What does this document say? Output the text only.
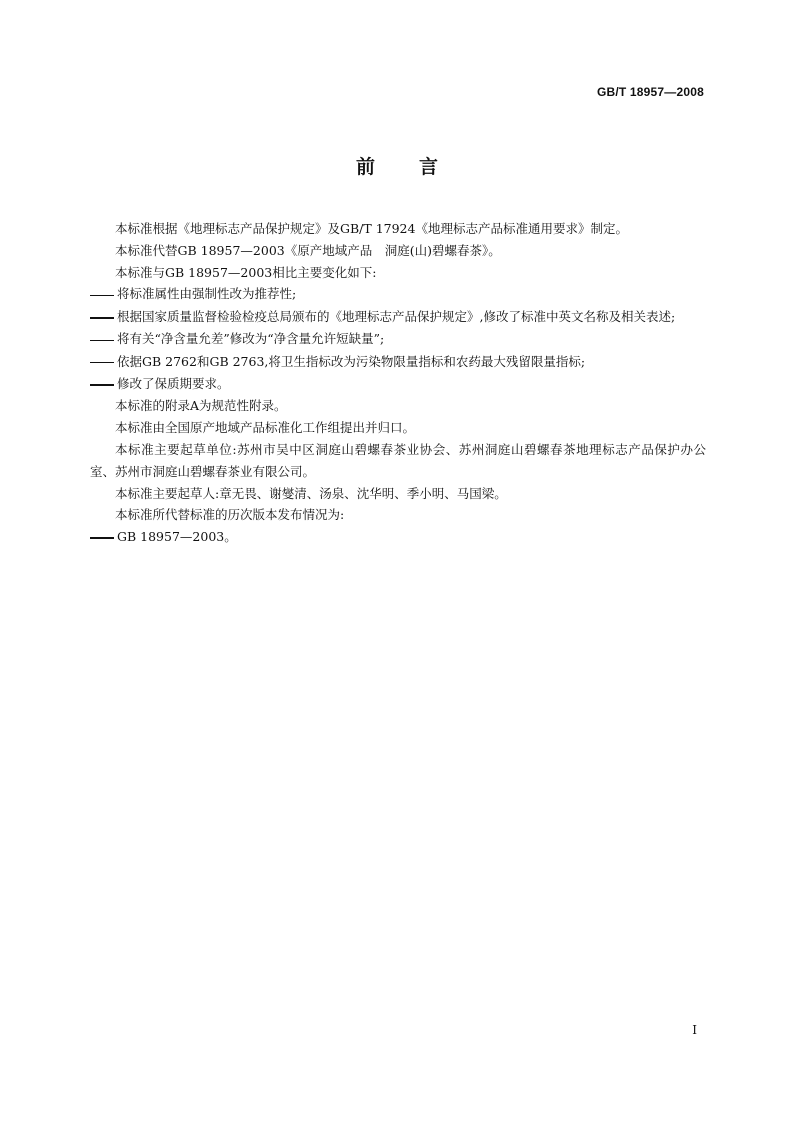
GB/T 18957—2008
前言

本标准根据《地理标志产品保护规定》及GB/T 17924《地理标志产品标准通用要求》制定。

本标准代替GB 18957—2003《原产地域产品　洞庭(山)碧螺春茶》。

本标准与GB 18957—2003相比主要变化如下:

将标准属性由强制性改为推荐性;

根据国家质量监督检验检疫总局颁布的《地理标志产品保护规定》,修改了标准中英文名称及相关表述;

将有关“净含量允差”修改为“净含量允许短缺量”;

依据GB 2762和GB 2763,将卫生指标改为污染物限量指标和农药最大残留限量指标;

修改了保质期要求。

本标准的附录A为规范性附录。

本标准由全国原产地域产品标准化工作组提出并归口。

本标准主要起草单位:苏州市吴中区洞庭山碧螺春茶业协会、苏州洞庭山碧螺春茶地理标志产品保护办公室、苏州市洞庭山碧螺春茶业有限公司。

本标准主要起草人:章无畏、谢燮清、汤泉、沈华明、季小明、马国梁。

本标准所代替标准的历次版本发布情况为:

GB 18957—2003。

I
